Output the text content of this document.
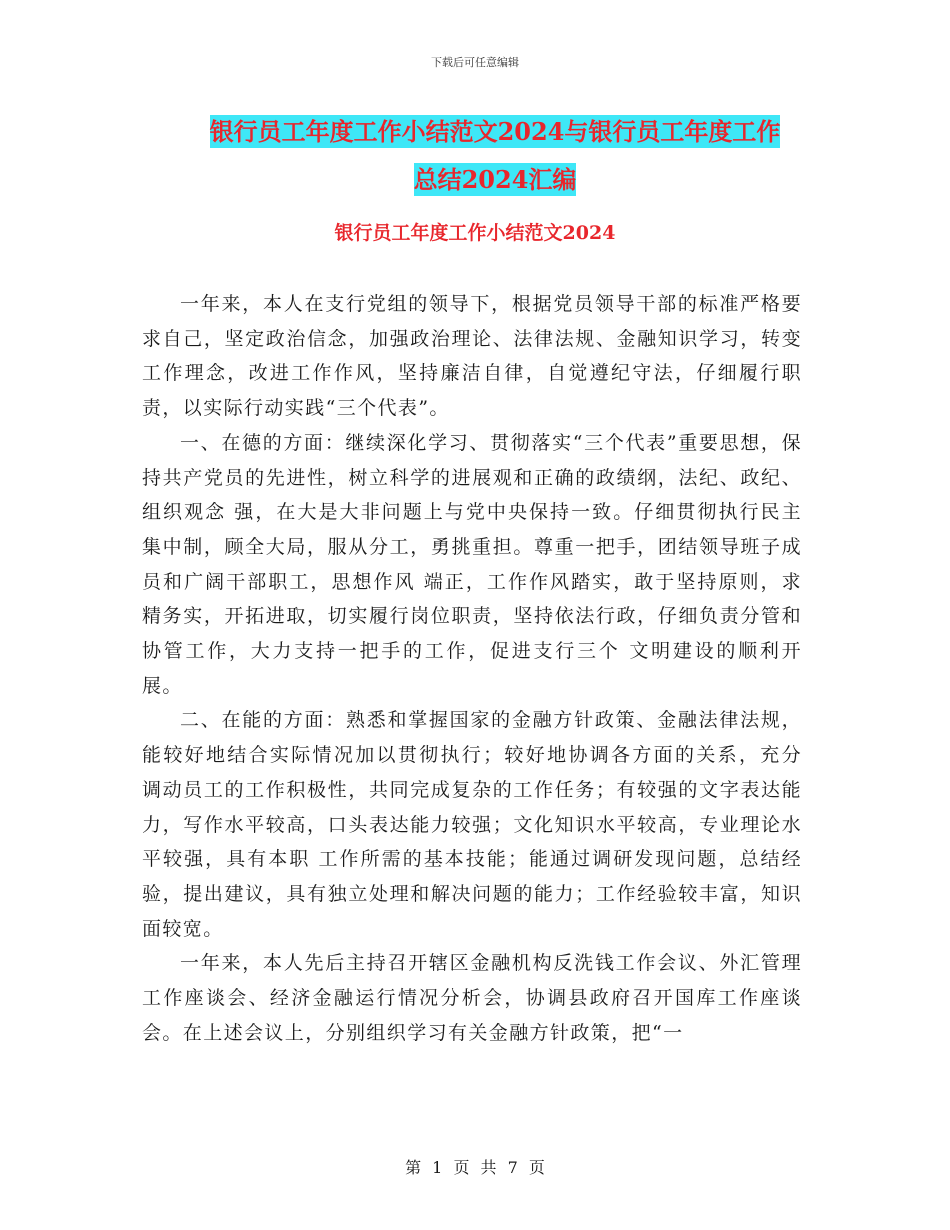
下载后可任意编辑
银行员工年度工作小结范文2024与银行员工年度工作
总结2024汇编
银行员工年度工作小结范文2024

一年来，本人在支行党组的领导下，根据党员领导干部的标准严格要求自己，坚定政治信念，加强政治理论、法律法规、金融知识学习，转变工作理念，改进工作作风，坚持廉洁自律，自觉遵纪守法，仔细履行职责，以实际行动实践“三个代表”。

一、在德的方面：继续深化学习、贯彻落实“三个代表”重要思想，保持共产党员的先进性，树立科学的进展观和正确的政绩纲，法纪、政纪、组织观念 强，在大是大非问题上与党中央保持一致。仔细贯彻执行民主集中制，顾全大局，服从分工，勇挑重担。尊重一把手，团结领导班子成员和广阔干部职工，思想作风 端正，工作作风踏实，敢于坚持原则，求精务实，开拓进取，切实履行岗位职责，坚持依法行政，仔细负责分管和协管工作，大力支持一把手的工作，促进支行三个 文明建设的顺利开展。

二、在能的方面：熟悉和掌握国家的金融方针政策、金融法律法规，能较好地结合实际情况加以贯彻执行；较好地协调各方面的关系，充分 调动员工的工作积极性，共同完成复杂的工作任务；有较强的文字表达能力，写作水平较高，口头表达能力较强；文化知识水平较高，专业理论水平较强，具有本职 工作所需的基本技能；能通过调研发现问题，总结经验，提出建议，具有独立处理和解决问题的能力；工作经验较丰富，知识面较宽。

一年来，本人先后主持召开辖区金融机构反洗钱工作会议、外汇管理工作座谈会、经济金融运行情况分析会，协调县政府召开国库工作座谈 会。在上述会议上，分别组织学习有关金融方针政策，把“一

第 1 页 共 7 页
